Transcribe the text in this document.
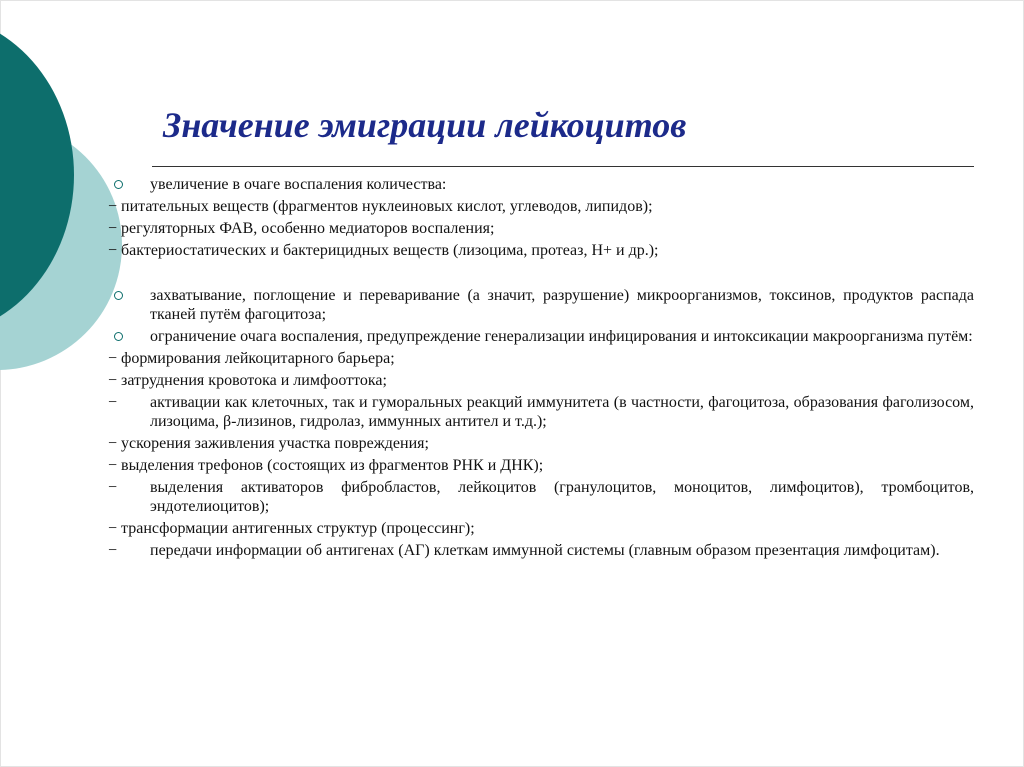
Значение эмиграции лейкоцитов
увеличение в очаге воспаления количества:
− питательных веществ (фрагментов нуклеиновых кислот, углеводов, липидов);
− регуляторных ФАВ, особенно медиаторов воспаления;
− бактериостатических и бактерицидных веществ (лизоцима, протеаз, H+ и др.);
захватывание, поглощение и переваривание (а значит, разрушение) микроорганизмов, токсинов, продуктов распада тканей путём фагоцитоза;
ограничение очага воспаления, предупреждение генерализации инфицирования и интоксикации макроорганизма путём:
− формирования лейкоцитарного барьера;
− затруднения кровотока и лимфооттока;
− активации как клеточных, так и гуморальных реакций иммунитета (в частности, фагоцитоза, образования фаголизосом, лизоцима, β-лизинов, гидролаз, иммунных антител и т.д.);
− ускорения заживления участка повреждения;
− выделения трефонов (состоящих из фрагментов РНК и ДНК);
− выделения активаторов фибробластов, лейкоцитов (гранулоцитов, моноцитов, лимфоцитов), тромбоцитов, эндотелиоцитов);
− трансформации антигенных структур (процессинг);
− передачи информации об антигенах (АГ) клеткам иммунной системы (главным образом презентация лимфоцитам).
